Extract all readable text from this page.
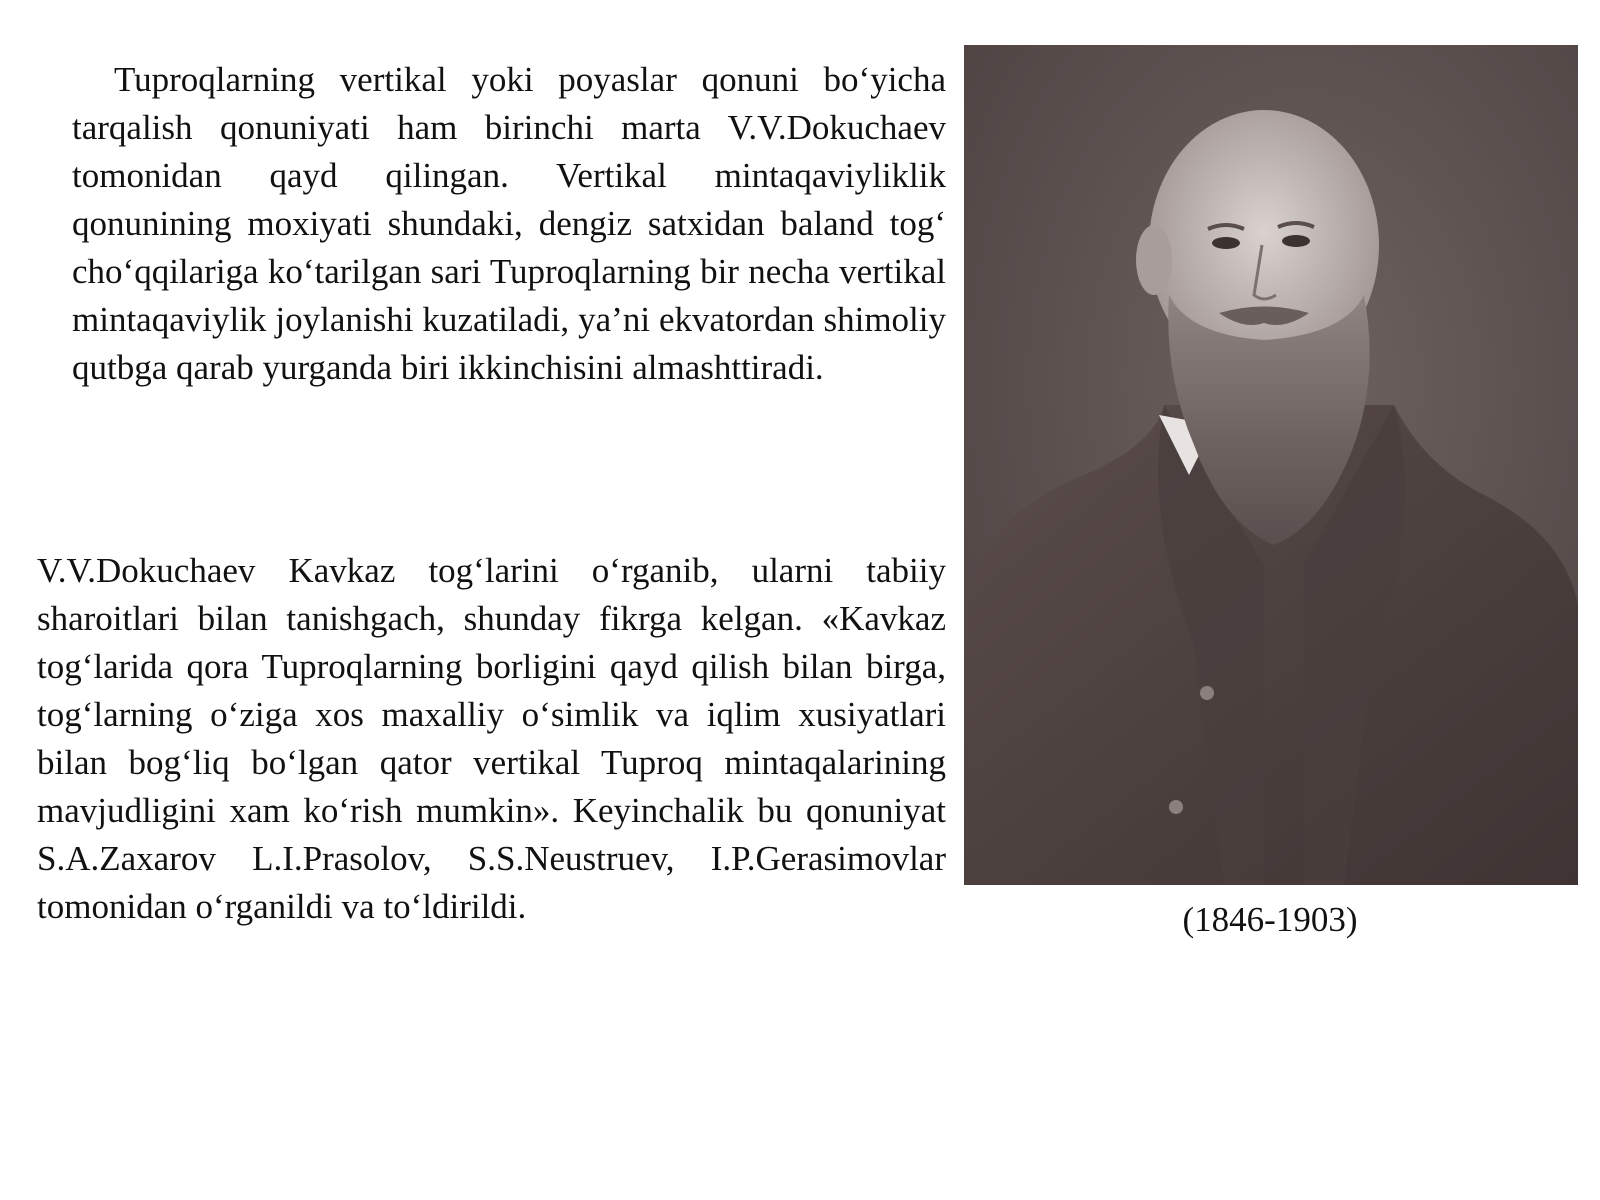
Tuproqlarning vertikal yoki poyaslar qonuni bo‘yicha tarqalish qonuniyati ham birinchi marta V.V.Dokuchaev tomonidan qayd qilingan. Vertikal mintaqaviyliklik qonunining moxiyati shundaki, dengiz satxidan baland tog‘ cho‘qqilariga ko‘tarilgan sari Tuproqlarning bir necha vertikal mintaqaviylik joylanishi kuzatiladi, ya’ni ekvatordan shimoliy qutbga qarab yurganda biri ikkinchisini almashttiradi.

V.V.Dokuchaev Kavkaz tog‘larini o‘rganib, ularni tabiiy sharoitlari bilan tanishgach, shunday fikrga kelgan. «Kavkaz tog‘larida qora Tuproqlarning borligini qayd qilish bilan birga, tog‘larning o‘ziga xos maxalliy o‘simlik va iqlim xusiyatlari bilan bog‘liq bo‘lgan qator vertikal Tuproq mintaqalarining mavjudligini xam ko‘rish mumkin». Keyinchalik bu qonuniyat S.A.Zaxarov L.I.Prasolov, S.S.Neustruev, I.P.Gerasimovlar tomonidan o‘rganildi va to‘ldirildi.	(1846-1903)
